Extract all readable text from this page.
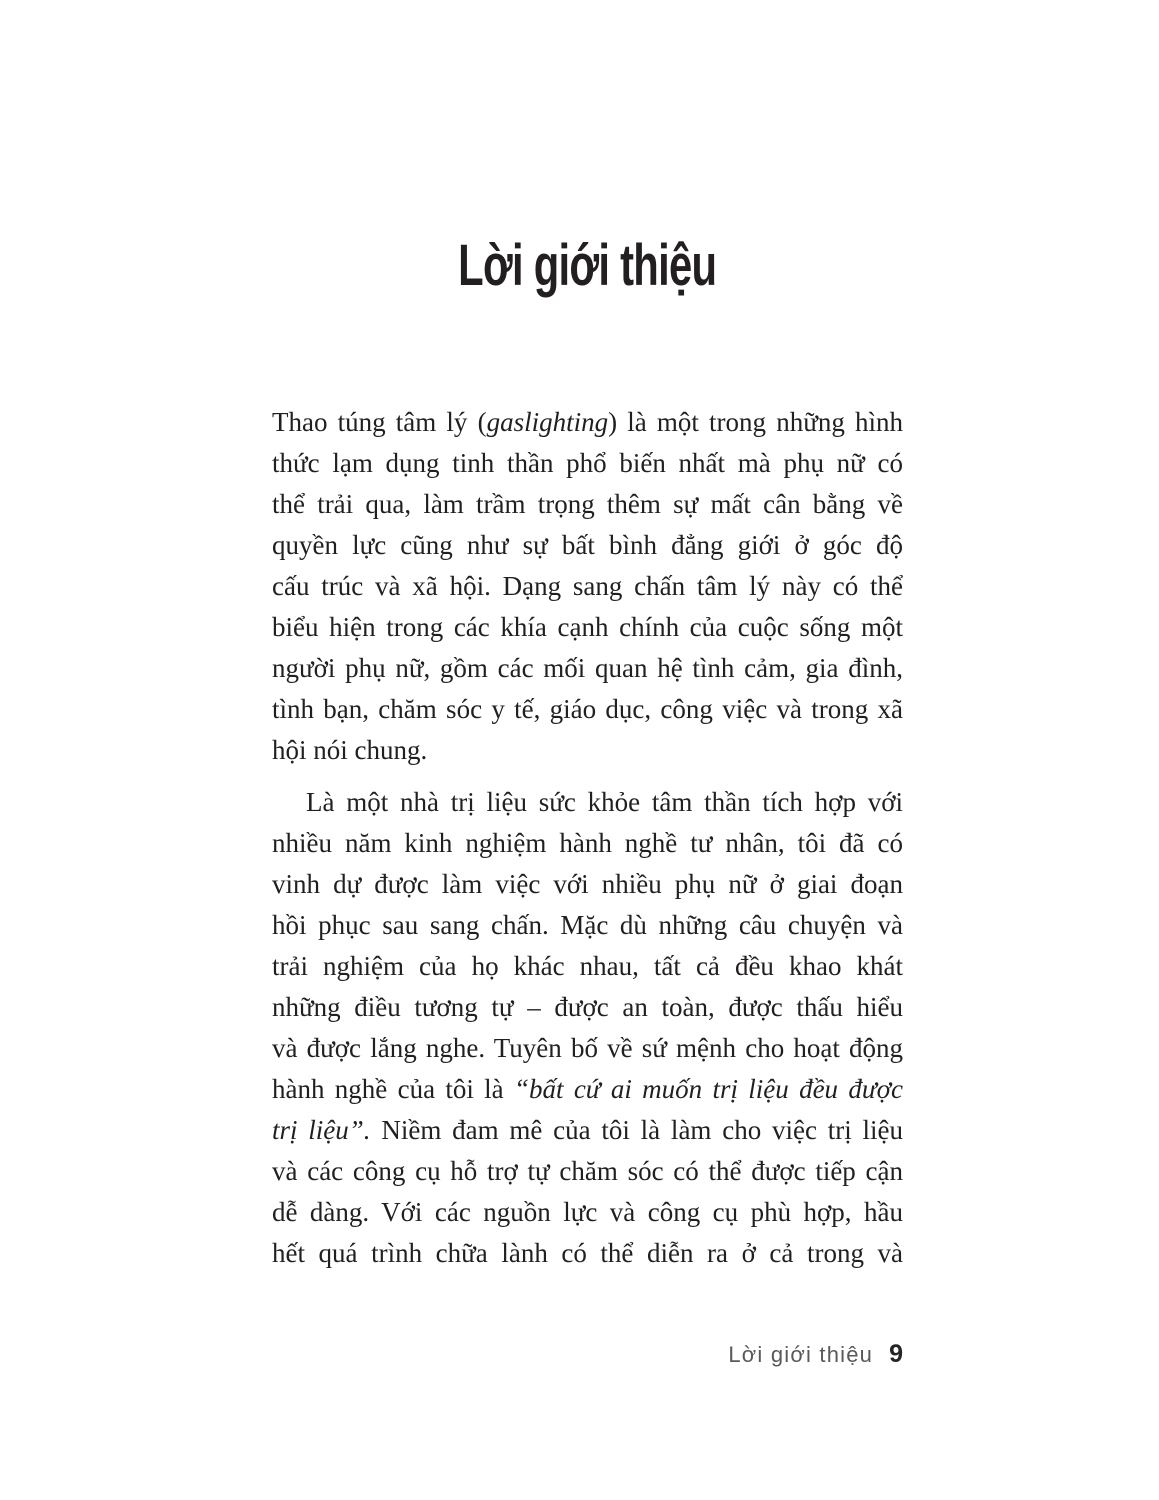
Lời giới thiệu
Thao túng tâm lý (gaslighting) là một trong những hình
thức lạm dụng tinh thần phổ biến nhất mà phụ nữ có
thể trải qua, làm trầm trọng thêm sự mất cân bằng về
quyền lực cũng như sự bất bình đẳng giới ở góc độ
cấu trúc và xã hội. Dạng sang chấn tâm lý này có thể
biểu hiện trong các khía cạnh chính của cuộc sống một
người phụ nữ, gồm các mối quan hệ tình cảm, gia đình,
tình bạn, chăm sóc y tế, giáo dục, công việc và trong xã
hội nói chung.
Là một nhà trị liệu sức khỏe tâm thần tích hợp với
nhiều năm kinh nghiệm hành nghề tư nhân, tôi đã có
vinh dự được làm việc với nhiều phụ nữ ở giai đoạn
hồi phục sau sang chấn. Mặc dù những câu chuyện và
trải nghiệm của họ khác nhau, tất cả đều khao khát
những điều tương tự – được an toàn, được thấu hiểu
và được lắng nghe. Tuyên bố về sứ mệnh cho hoạt động
hành nghề của tôi là “bất cứ ai muốn trị liệu đều được
trị liệu”. Niềm đam mê của tôi là làm cho việc trị liệu
và các công cụ hỗ trợ tự chăm sóc có thể được tiếp cận
dễ dàng. Với các nguồn lực và công cụ phù hợp, hầu
hết quá trình chữa lành có thể diễn ra ở cả trong và
Lời giới thiệu 9
